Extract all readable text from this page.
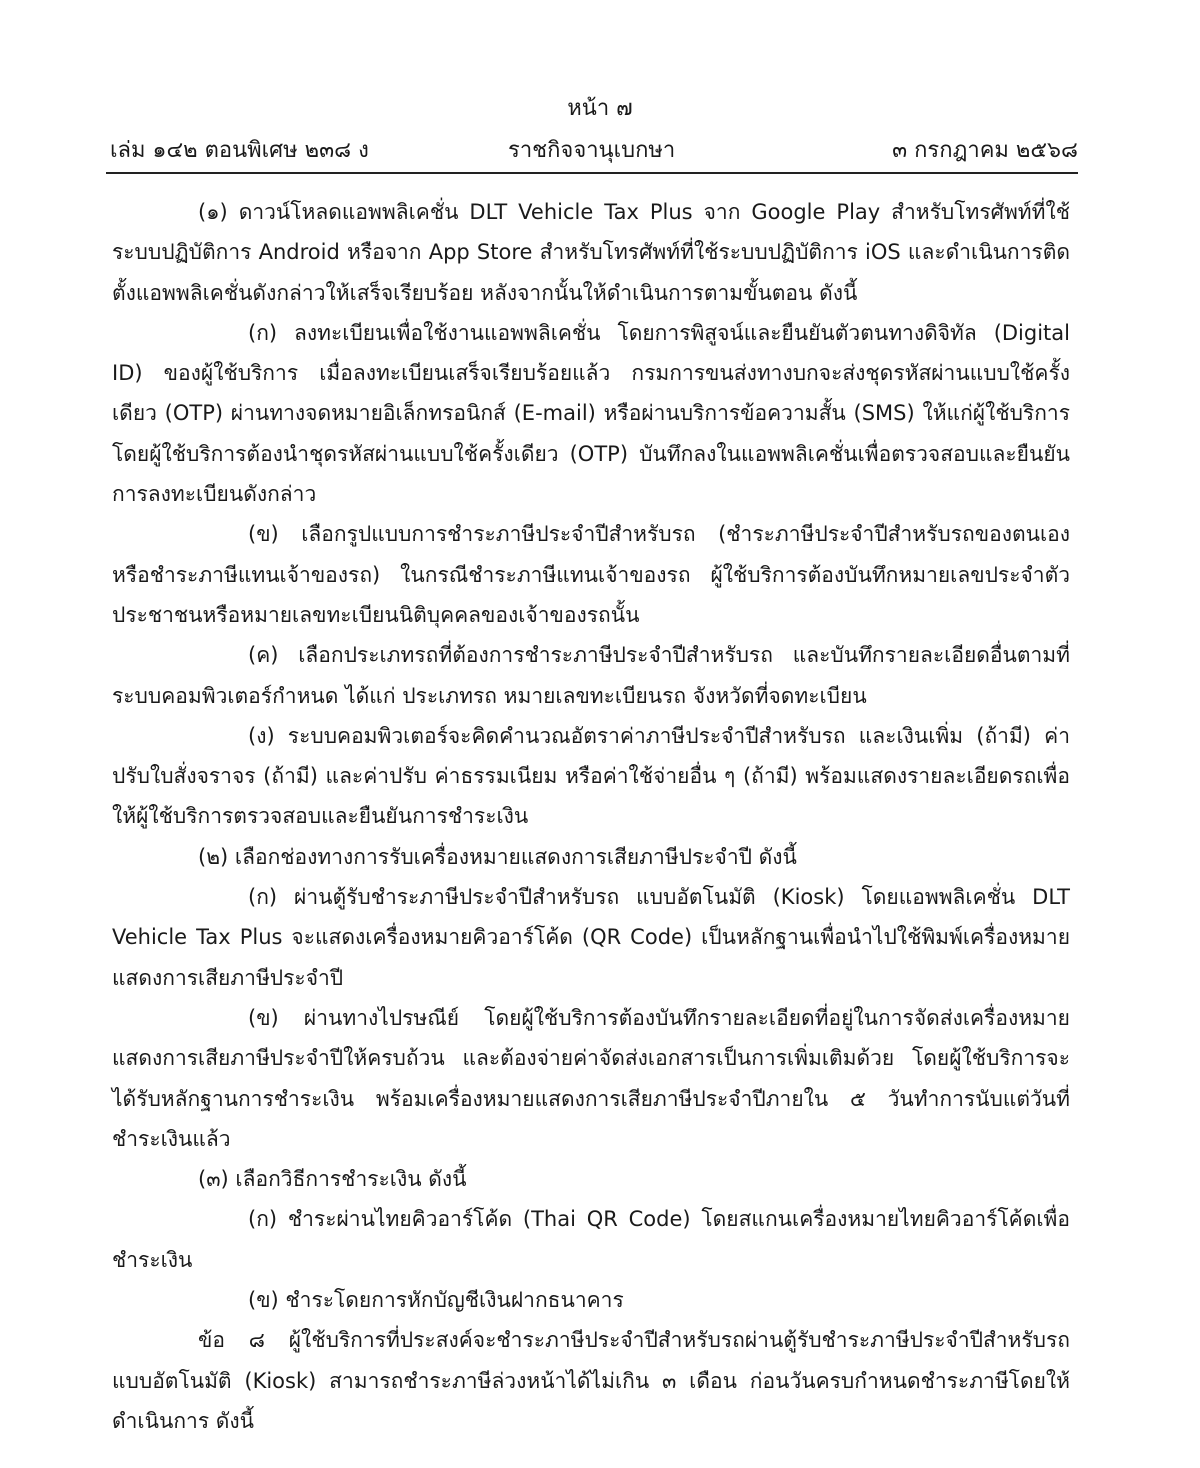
หน้า ๗
เล่ม ๑๔๒ ตอนพิเศษ ๒๓๘ ง	ราชกิจจานุเบกษา	๓ กรกฎาคม ๒๕๖๘

(๑) ดาวน์โหลดแอพพลิเคชั่น DLT Vehicle Tax Plus จาก Google Play สำหรับโทรศัพท์ที่ใช้ระบบปฏิบัติการ Android หรือจาก App Store สำหรับโทรศัพท์ที่ใช้ระบบปฏิบัติการ iOS และดำเนินการติดตั้งแอพพลิเคชั่นดังกล่าวให้เสร็จเรียบร้อย หลังจากนั้นให้ดำเนินการตามขั้นตอน ดังนี้

(ก) ลงทะเบียนเพื่อใช้งานแอพพลิเคชั่น โดยการพิสูจน์และยืนยันตัวตนทางดิจิทัล (Digital ID) ของผู้ใช้บริการ เมื่อลงทะเบียนเสร็จเรียบร้อยแล้ว กรมการขนส่งทางบกจะส่งชุดรหัสผ่านแบบใช้ครั้งเดียว (OTP) ผ่านทางจดหมายอิเล็กทรอนิกส์ (E-mail) หรือผ่านบริการข้อความสั้น (SMS) ให้แก่ผู้ใช้บริการโดยผู้ใช้บริการต้องนำชุดรหัสผ่านแบบใช้ครั้งเดียว (OTP) บันทึกลงในแอพพลิเคชั่นเพื่อตรวจสอบและยืนยันการลงทะเบียนดังกล่าว

(ข) เลือกรูปแบบการชำระภาษีประจำปีสำหรับรถ (ชำระภาษีประจำปีสำหรับรถของตนเองหรือชำระภาษีแทนเจ้าของรถ) ในกรณีชำระภาษีแทนเจ้าของรถ ผู้ใช้บริการต้องบันทึกหมายเลขประจำตัวประชาชนหรือหมายเลขทะเบียนนิติบุคคลของเจ้าของรถนั้น

(ค) เลือกประเภทรถที่ต้องการชำระภาษีประจำปีสำหรับรถ และบันทึกรายละเอียดอื่นตามที่ระบบคอมพิวเตอร์กำหนด ได้แก่ ประเภทรถ หมายเลขทะเบียนรถ จังหวัดที่จดทะเบียน

(ง) ระบบคอมพิวเตอร์จะคิดคำนวณอัตราค่าภาษีประจำปีสำหรับรถ และเงินเพิ่ม (ถ้ามี) ค่าปรับใบสั่งจราจร (ถ้ามี) และค่าปรับ ค่าธรรมเนียม หรือค่าใช้จ่ายอื่น ๆ (ถ้ามี) พร้อมแสดงรายละเอียดรถเพื่อให้ผู้ใช้บริการตรวจสอบและยืนยันการชำระเงิน

(๒) เลือกช่องทางการรับเครื่องหมายแสดงการเสียภาษีประจำปี ดังนี้

(ก) ผ่านตู้รับชำระภาษีประจำปีสำหรับรถ แบบอัตโนมัติ (Kiosk) โดยแอพพลิเคชั่น DLT Vehicle Tax Plus จะแสดงเครื่องหมายคิวอาร์โค้ด (QR Code) เป็นหลักฐานเพื่อนำไปใช้พิมพ์เครื่องหมายแสดงการเสียภาษีประจำปี

(ข) ผ่านทางไปรษณีย์ โดยผู้ใช้บริการต้องบันทึกรายละเอียดที่อยู่ในการจัดส่งเครื่องหมายแสดงการเสียภาษีประจำปีให้ครบถ้วน และต้องจ่ายค่าจัดส่งเอกสารเป็นการเพิ่มเติมด้วย โดยผู้ใช้บริการจะได้รับหลักฐานการชำระเงิน พร้อมเครื่องหมายแสดงการเสียภาษีประจำปีภายใน ๕ วันทำการนับแต่วันที่ชำระเงินแล้ว

(๓) เลือกวิธีการชำระเงิน ดังนี้

(ก) ชำระผ่านไทยคิวอาร์โค้ด (Thai QR Code) โดยสแกนเครื่องหมายไทยคิวอาร์โค้ดเพื่อชำระเงิน

(ข) ชำระโดยการหักบัญชีเงินฝากธนาคาร

ข้อ ๘ ผู้ใช้บริการที่ประสงค์จะชำระภาษีประจำปีสำหรับรถผ่านตู้รับชำระภาษีประจำปีสำหรับรถแบบอัตโนมัติ (Kiosk) สามารถชำระภาษีล่วงหน้าได้ไม่เกิน ๓ เดือน ก่อนวันครบกำหนดชำระภาษีโดยให้ดำเนินการ ดังนี้
